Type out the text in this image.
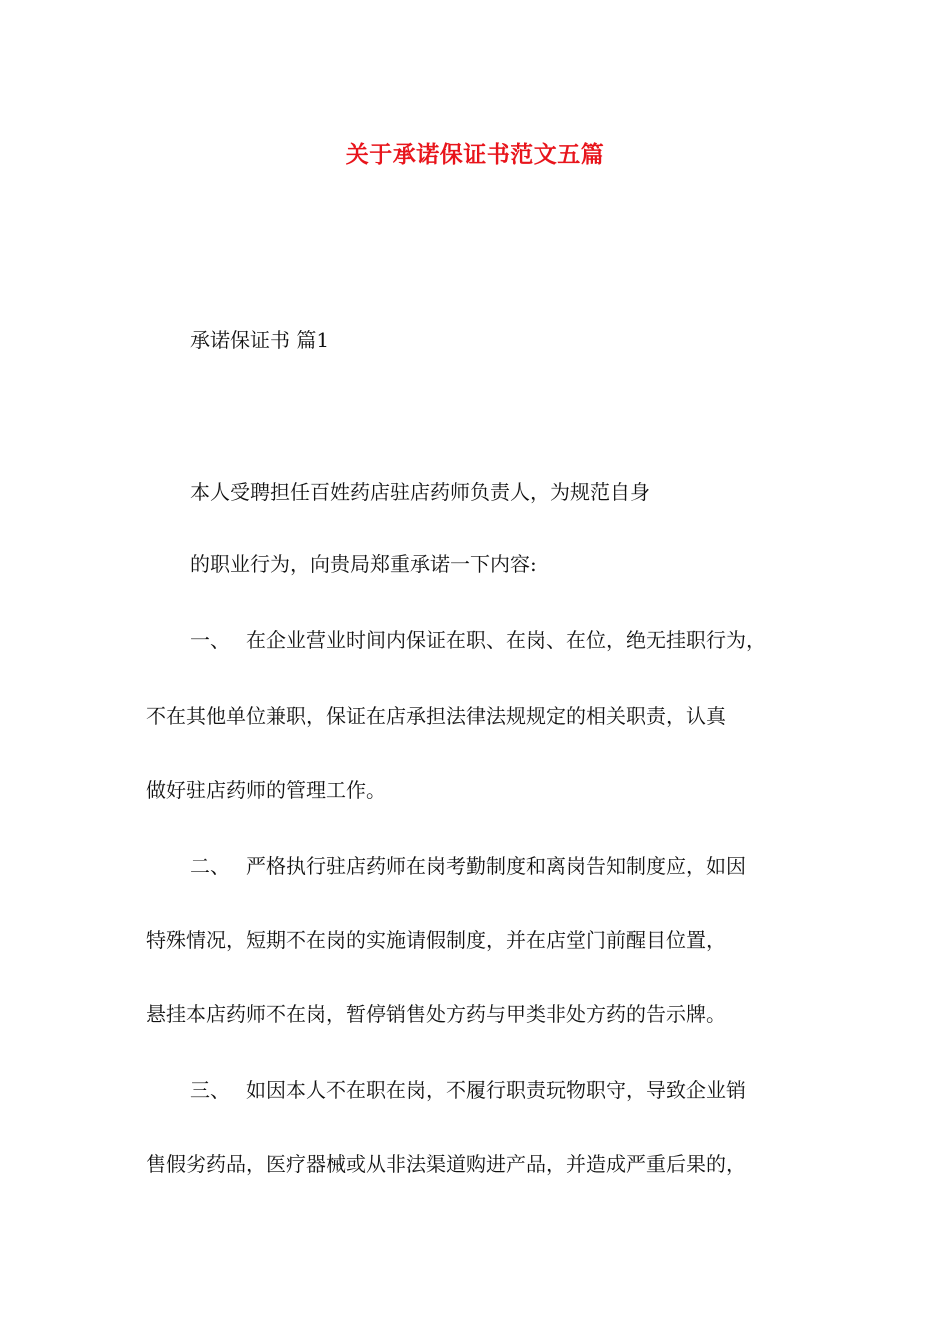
关于承诺保证书范文五篇
承诺保证书 篇1
本人受聘担任百姓药店驻店药师负责人，为规范自身
的职业行为，向贵局郑重承诺一下内容:
一、 在企业营业时间内保证在职、在岗、在位，绝无挂职行为，
不在其他单位兼职，保证在店承担法律法规规定的相关职责，认真
做好驻店药师的管理工作。
二、 严格执行驻店药师在岗考勤制度和离岗告知制度应，如因
特殊情况，短期不在岗的实施请假制度，并在店堂门前醒目位置，
悬挂本店药师不在岗，暂停销售处方药与甲类非处方药的告示牌。
三、 如因本人不在职在岗，不履行职责玩物职守，导致企业销
售假劣药品，医疗器械或从非法渠道购进产品，并造成严重后果的，
